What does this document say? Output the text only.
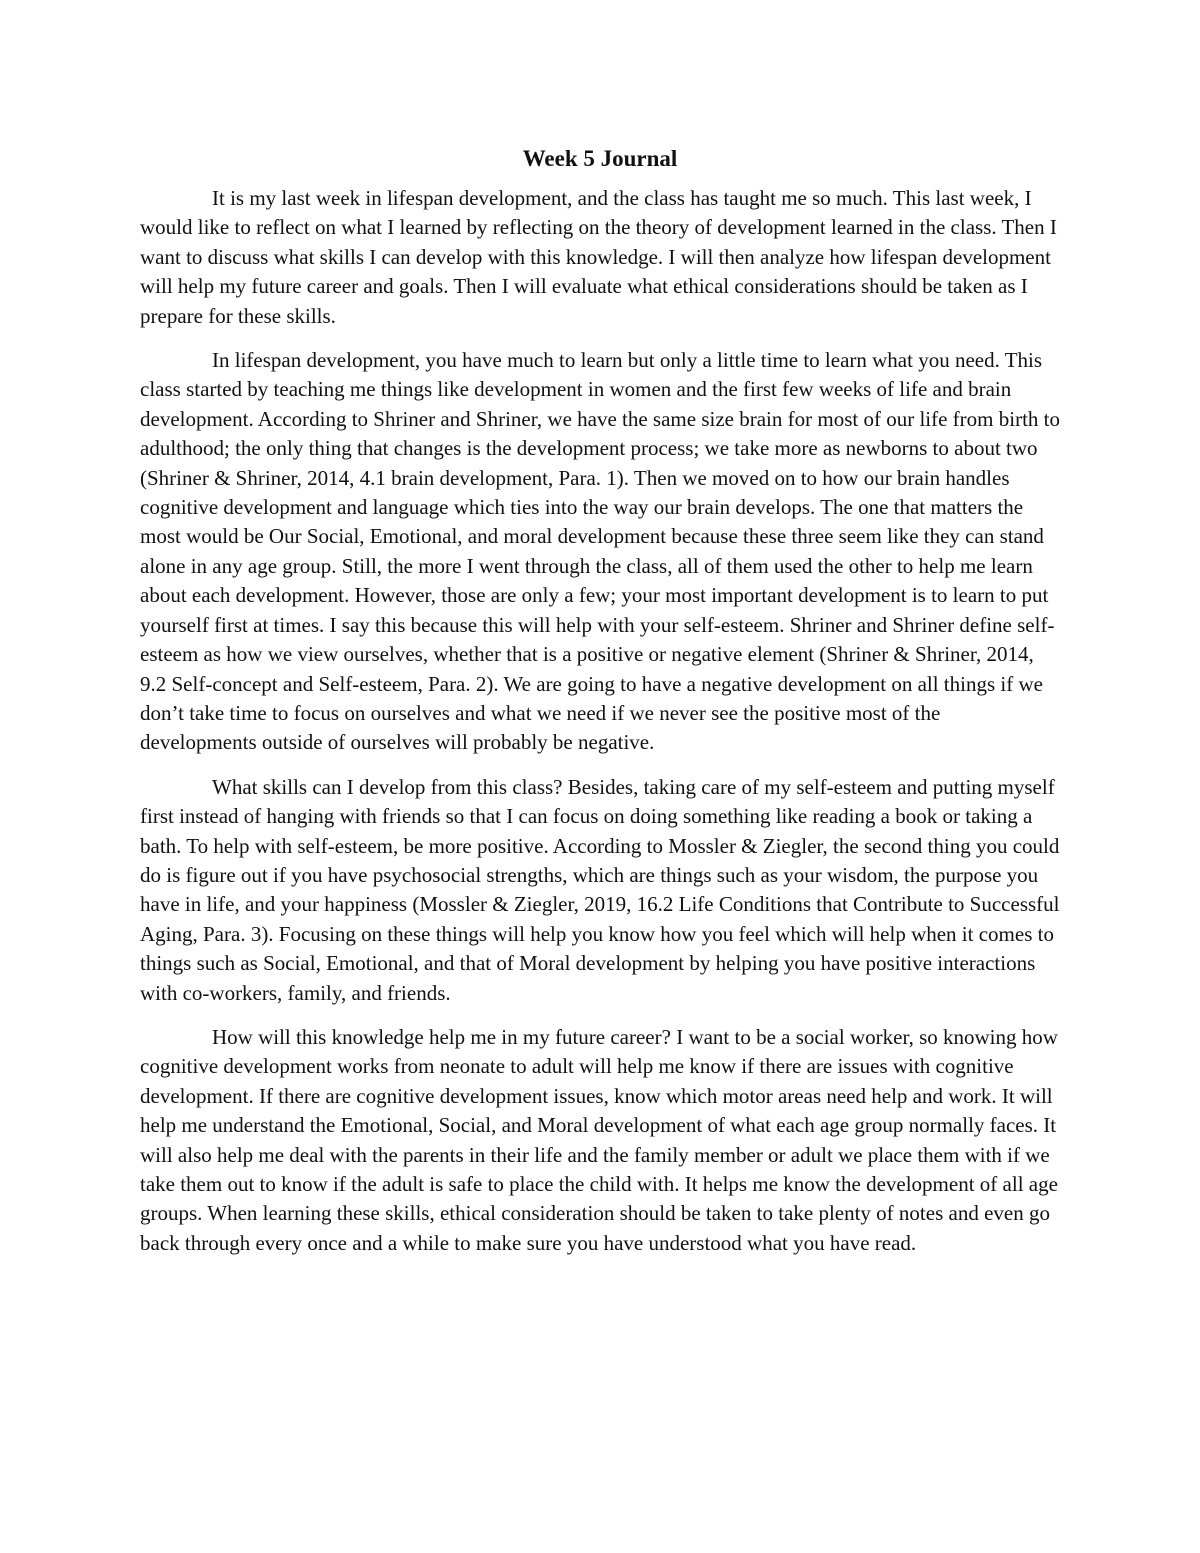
Week 5 Journal

It is my last week in lifespan development, and the class has taught me so much. This last week, I would like to reflect on what I learned by reflecting on the theory of development learned in the class. Then I want to discuss what skills I can develop with this knowledge. I will then analyze how lifespan development will help my future career and goals. Then I will evaluate what ethical considerations should be taken as I prepare for these skills.

In lifespan development, you have much to learn but only a little time to learn what you need. This class started by teaching me things like development in women and the first few weeks of life and brain development. According to Shriner and Shriner, we have the same size brain for most of our life from birth to adulthood; the only thing that changes is the development process; we take more as newborns to about two (Shriner & Shriner, 2014, 4.1 brain development, Para. 1). Then we moved on to how our brain handles cognitive development and language which ties into the way our brain develops. The one that matters the most would be Our Social, Emotional, and moral development because these three seem like they can stand alone in any age group. Still, the more I went through the class, all of them used the other to help me learn about each development. However, those are only a few; your most important development is to learn to put yourself first at times. I say this because this will help with your self-esteem. Shriner and Shriner define self-esteem as how we view ourselves, whether that is a positive or negative element (Shriner & Shriner, 2014, 9.2 Self-concept and Self-esteem, Para. 2). We are going to have a negative development on all things if we don’t take time to focus on ourselves and what we need if we never see the positive most of the developments outside of ourselves will probably be negative.

What skills can I develop from this class? Besides, taking care of my self-esteem and putting myself first instead of hanging with friends so that I can focus on doing something like reading a book or taking a bath. To help with self-esteem, be more positive. According to Mossler & Ziegler, the second thing you could do is figure out if you have psychosocial strengths, which are things such as your wisdom, the purpose you have in life, and your happiness (Mossler & Ziegler, 2019, 16.2 Life Conditions that Contribute to Successful Aging, Para. 3). Focusing on these things will help you know how you feel which will help when it comes to things such as Social, Emotional, and that of Moral development by helping you have positive interactions with co-workers, family, and friends.

How will this knowledge help me in my future career? I want to be a social worker, so knowing how cognitive development works from neonate to adult will help me know if there are issues with cognitive development. If there are cognitive development issues, know which motor areas need help and work. It will help me understand the Emotional, Social, and Moral development of what each age group normally faces. It will also help me deal with the parents in their life and the family member or adult we place them with if we take them out to know if the adult is safe to place the child with. It helps me know the development of all age groups. When learning these skills, ethical consideration should be taken to take plenty of notes and even go back through every once and a while to make sure you have understood what you have read.
